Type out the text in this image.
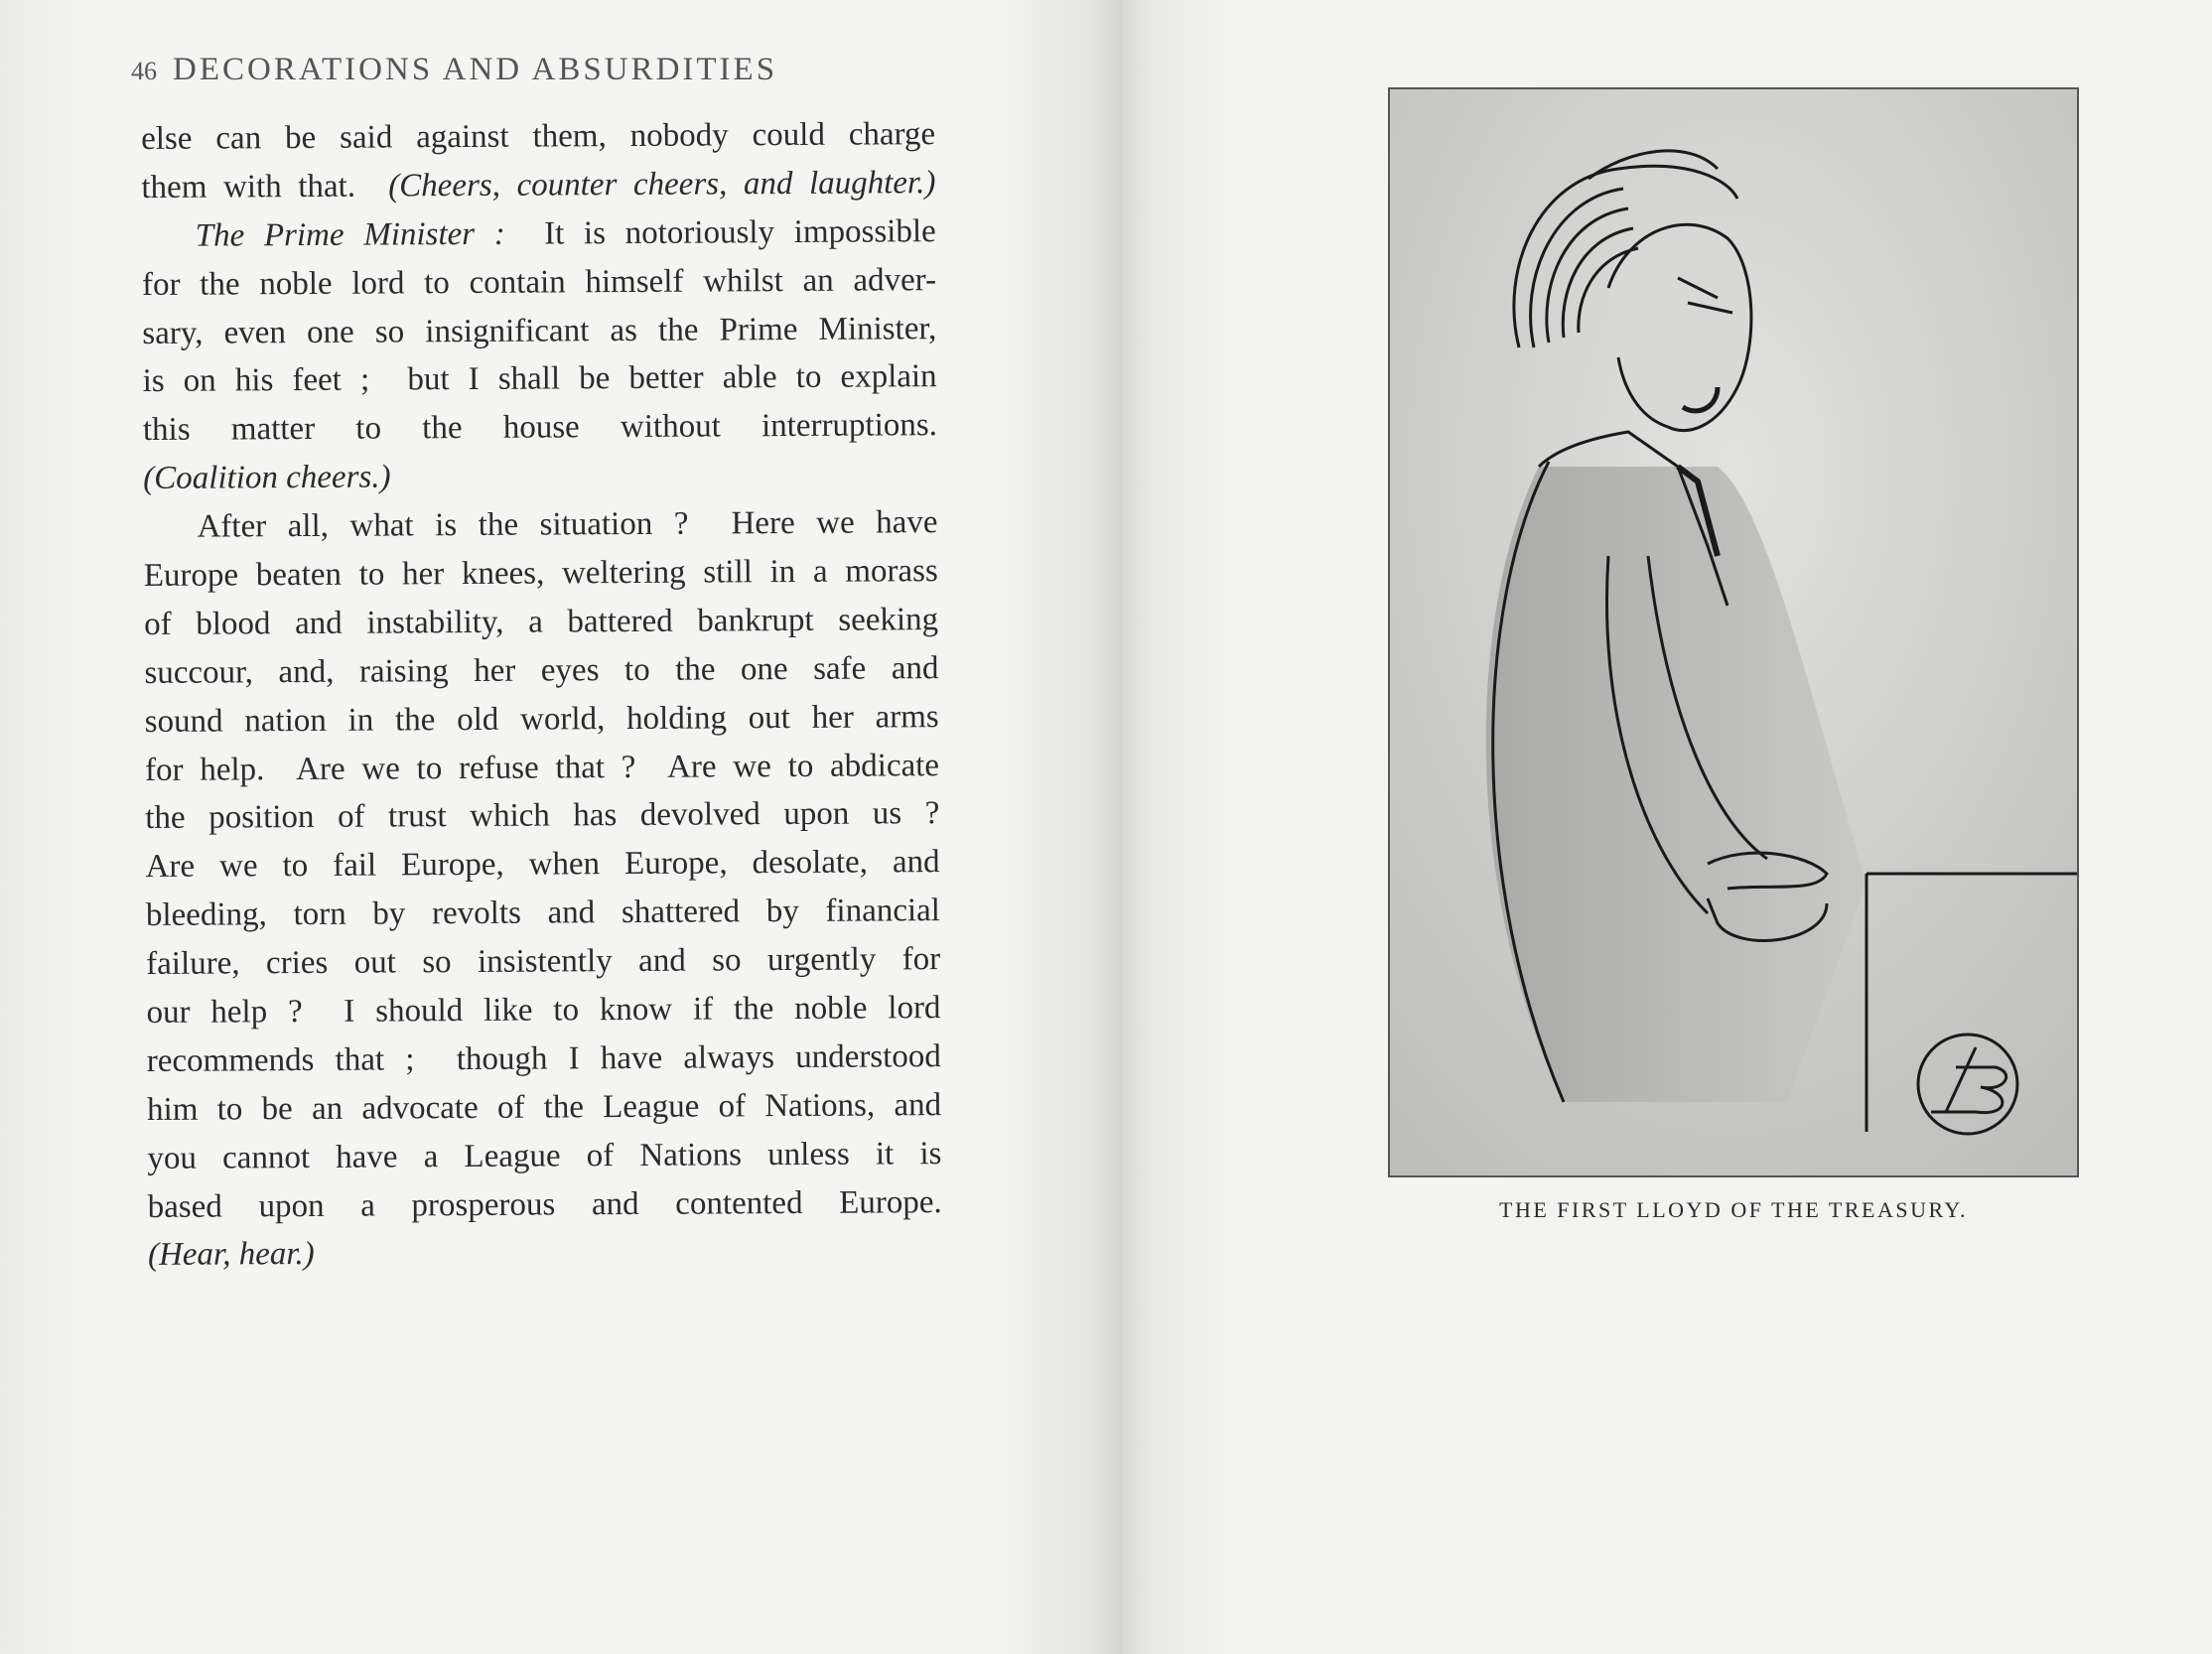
46 DECORATIONS AND ABSURDITIES
else can be said against them, nobody could charge
them with that.  (Cheers, counter cheers, and laughter.)
The Prime Minister :  It is notoriously impossible
for the noble lord to contain himself whilst an adver-
sary, even one so insignificant as the Prime Minister,
is on his feet ;  but I shall be better able to explain
this matter to the house without interruptions.
(Coalition cheers.)
After all, what is the situation ?  Here we have
Europe beaten to her knees, weltering still in a morass
of blood and instability, a battered bankrupt seeking
succour, and, raising her eyes to the one safe and
sound nation in the old world, holding out her arms
for help.  Are we to refuse that ?  Are we to abdicate
the position of trust which has devolved upon us ?
Are we to fail Europe, when Europe, desolate, and
bleeding, torn by revolts and shattered by financial
failure, cries out so insistently and so urgently for
our help ?  I should like to know if the noble lord
recommends that ;  though I have always understood
him to be an advocate of the League of Nations, and
you cannot have a League of Nations unless it is
based upon a prosperous and contented Europe.
(Hear, hear.)
THE FIRST LLOYD OF THE TREASURY.
